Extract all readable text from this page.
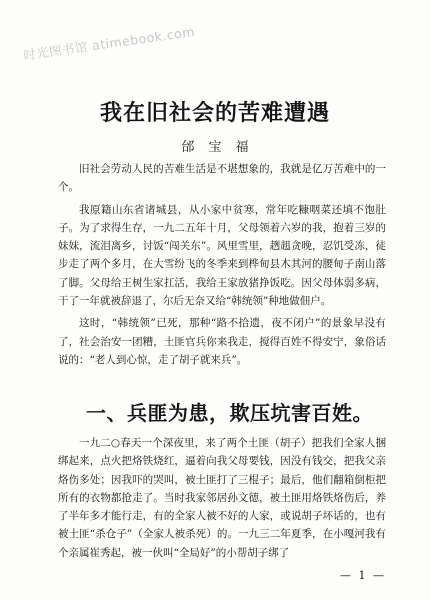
时光图书馆 atimebook.com
我在旧社会的苦难遭遇
邰宝福

旧社会劳动人民的苦难生活是不堪想象的，我就是亿万苦难中的一个。

我原籍山东省诸城县，从小家中贫寒，常年吃糠咽菜还填不饱肚子。为了求得生存，一九二五年十月，父母领着六岁的我，抱着三岁的妹妹，流泪离乡，讨饭“闯关东”。风里雪里，趔趄贪晚，忍饥受冻，徒步走了两个多月，在大雪纷飞的冬季来到桦甸县木其河的腰甸子南山落了脚。父母给王树生家扛活，我给王家放猪挣饭吃。因父母体弱多病，干了一年就被辞退了，尔后无奈又给“韩统领”种地做佃户。

这时，“韩统领”已死，那种“路不拾遗，夜不闭户”的景象早没有了，社会治安一团糟，土匪官兵你来我走，搅得百姓不得安宁，象俗话说的：“老人到心惊，走了胡子就来兵”。

一、兵匪为患，欺压坑害百姓。

一九二○春天一个深夜里，来了两个土匪（胡子）把我们全家人捆绑起来，点火把烙铁烧红，逼着向我父母要钱，因没有钱交，把我父亲烙伤多处；因我吓的哭叫，被土匪打了三棍子；最后，他们翻箱倒柜把所有的衣物都抢走了。当时我家邻居孙文德，被土匪用烙铁烙伤后，养了半年多才能行走，有的全家人被不好的人家，或说胡子坏话的，也有被土匪“杀仓子”（全家人被杀死）的。一九三二年夏季，在小嘎河我有个亲属崔秀起，被一伙叫“全局好”的小帮胡子绑了

— 1 —
